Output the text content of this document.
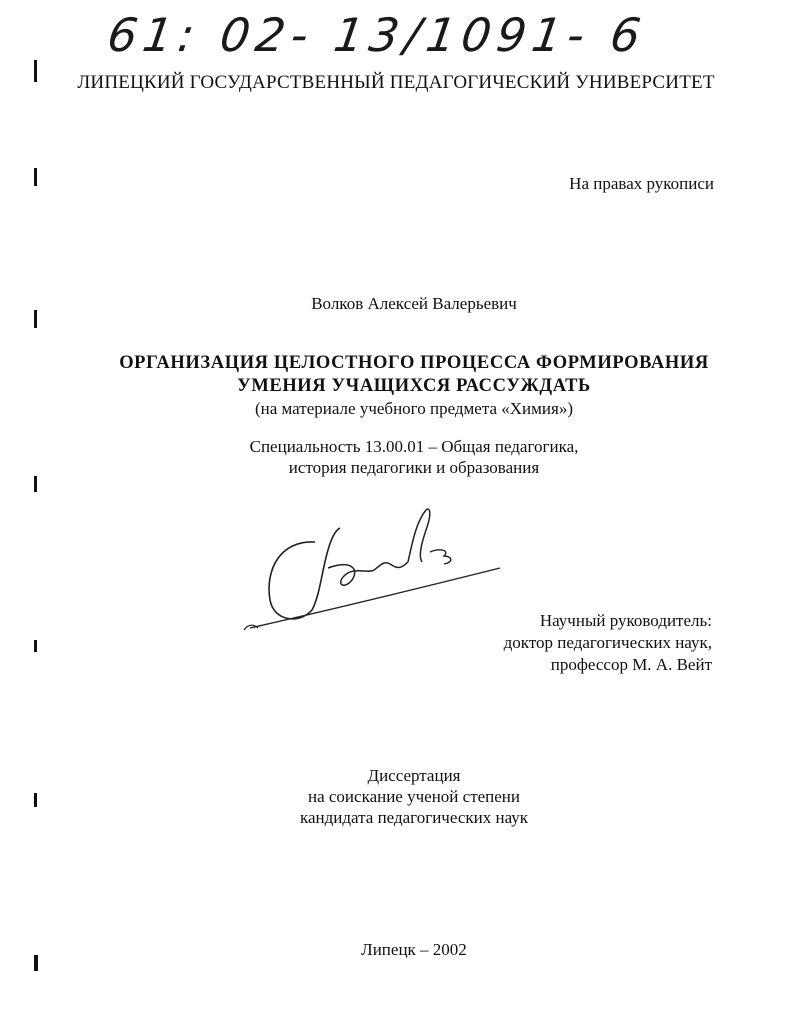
61: 02- 13/1091- 6

ЛИПЕЦКИЙ ГОСУДАРСТВЕННЫЙ ПЕДАГОГИЧЕСКИЙ УНИВЕРСИТЕТ

На правах рукописи

Волков Алексей Валерьевич

ОРГАНИЗАЦИЯ ЦЕЛОСТНОГО ПРОЦЕССА ФОРМИРОВАНИЯ
УМЕНИЯ УЧАЩИХСЯ РАССУЖДАТЬ
(на материале учебного предмета «Химия»)
Специальность 13.00.01 – Общая педагогика,
история педагогики и образования
Научный руководитель:
доктор педагогических наук,
профессор М. А. Вейт
Диссертация
на соискание ученой степени
кандидата педагогических наук

Липецк – 2002
